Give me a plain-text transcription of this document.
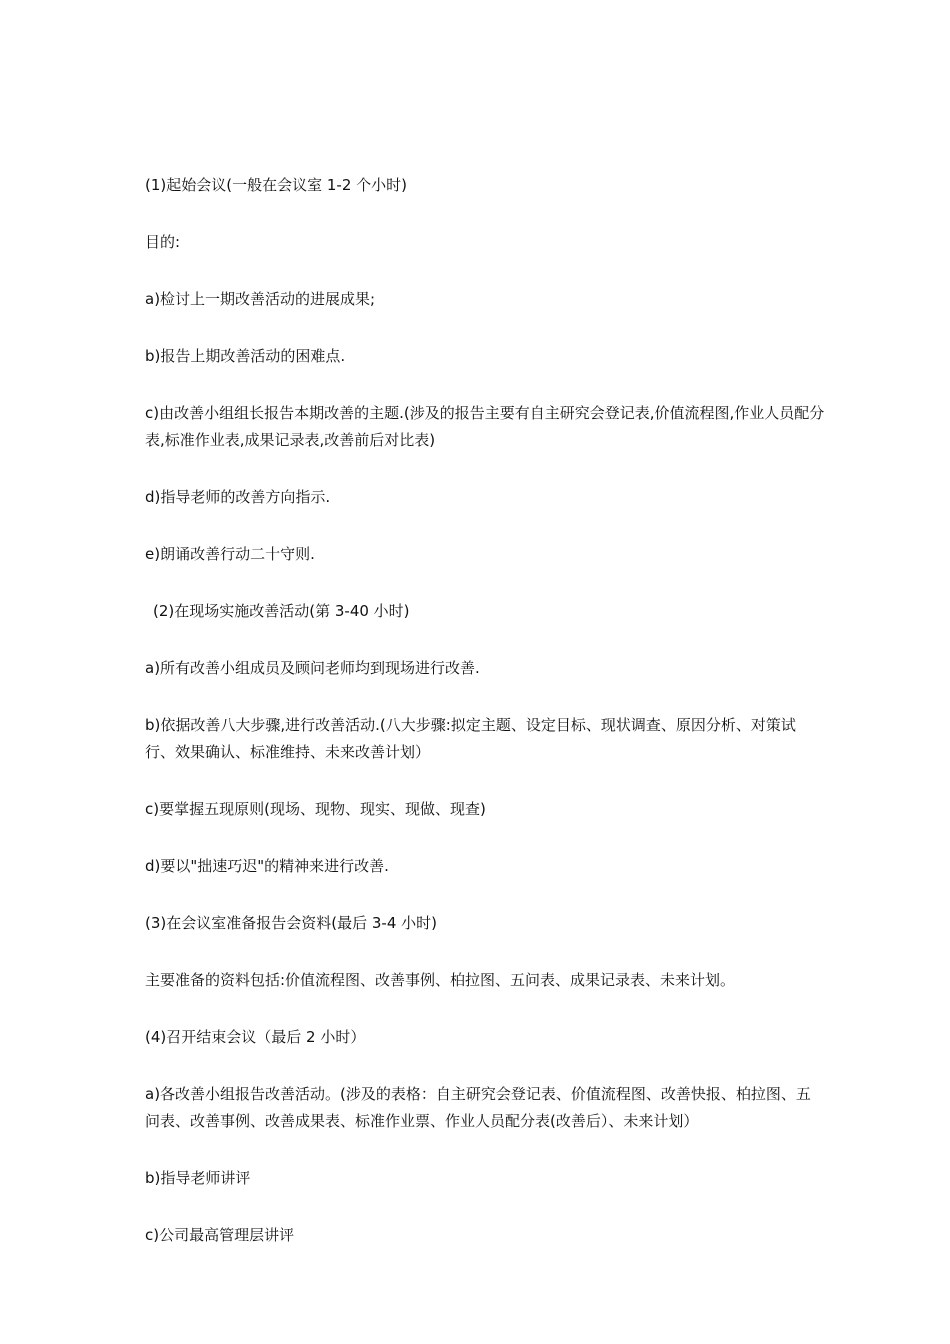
(1)起始会议(一般在会议室 1-2 个小时)

目的:

a)检讨上一期改善活动的进展成果;

b)报告上期改善活动的困难点.

c)由改善小组组长报告本期改善的主题.(涉及的报告主要有自主研究会登记表,价值流程图,作业人员配分表,标准作业表,成果记录表,改善前后对比表)

d)指导老师的改善方向指示.

e)朗诵改善行动二十守则.

(2)在现场实施改善活动(第 3-40 小时)

a)所有改善小组成员及顾问老师均到现场进行改善.

b)依据改善八大步骤,进行改善活动.(八大步骤:拟定主题、设定目标、现状调查、原因分析、对策试行、效果确认、标准维持、未来改善计划）

c)要掌握五现原则(现场、现物、现实、现做、现查)

d)要以"拙速巧迟"的精神来进行改善.

(3)在会议室准备报告会资料(最后 3-4 小时)

主要准备的资料包括:价值流程图、改善事例、柏拉图、五问表、成果记录表、未来计划。

(4)召开结束会议（最后 2 小时）

a)各改善小组报告改善活动。(涉及的表格：自主研究会登记表、价值流程图、改善快报、柏拉图、五问表、改善事例、改善成果表、标准作业票、作业人员配分表(改善后）、未来计划）

b)指导老师讲评

c)公司最高管理层讲评
